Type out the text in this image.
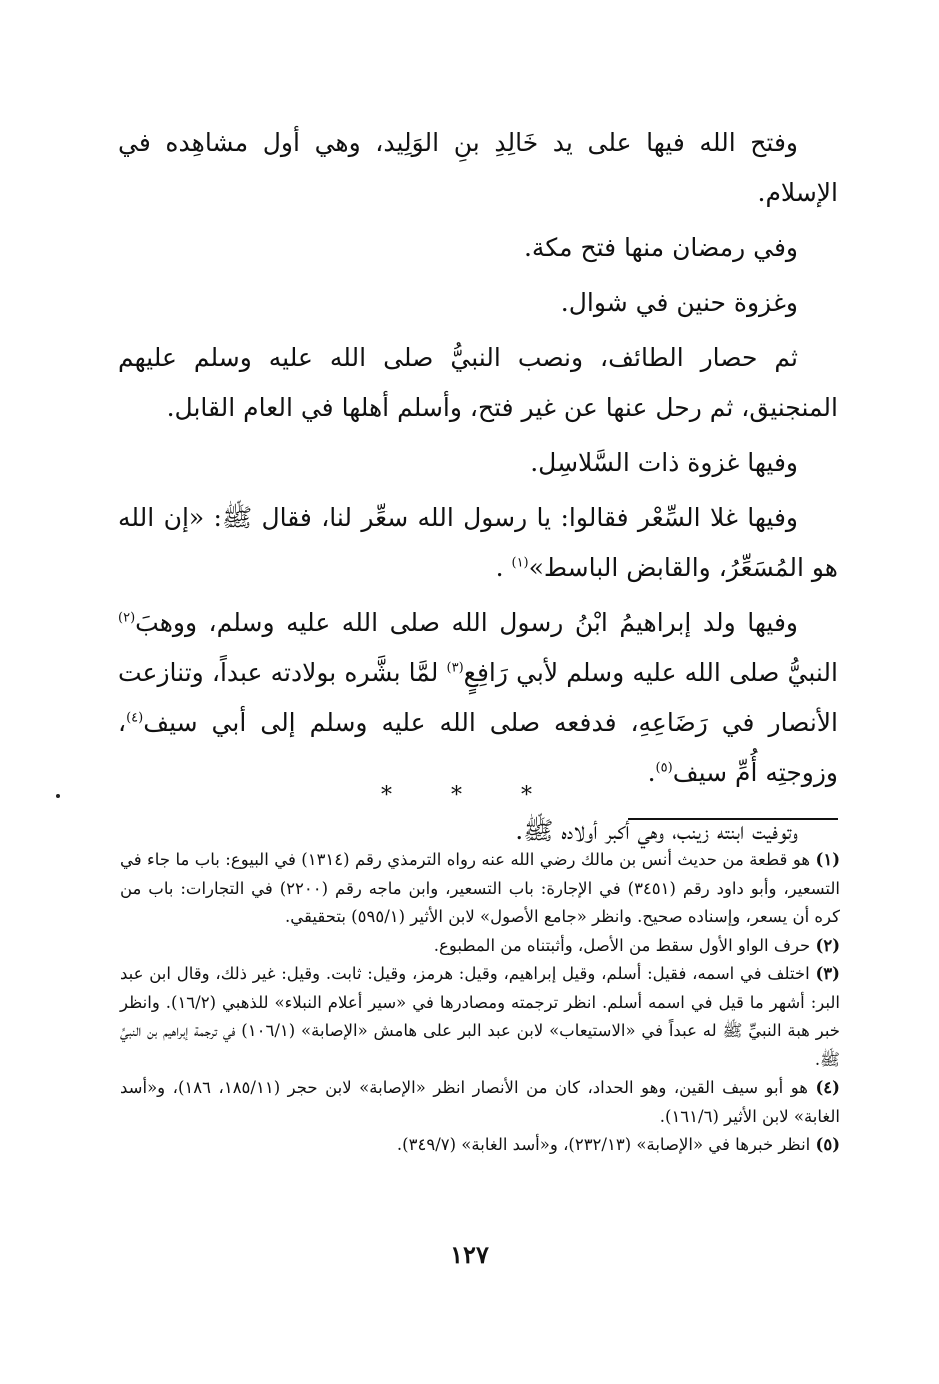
وفتح الله فيها على يد خَالِدِ بنِ الوَلِيد، وهي أول مشاهِده في الإسلام.

وفي رمضان منها فتح مكة.

وغزوة حنين في شوال.

ثم حصار الطائف، ونصب النبيُّ صلى الله عليه وسلم عليهم المنجنيق، ثم رحل عنها عن غير فتح، وأسلم أهلها في العام القابل.

وفيها غزوة ذات السَّلاسِل.

وفيها غلا السِّعْر فقالوا: يا رسول الله سعِّر لنا، فقال ﷺ: «إن الله هو المُسَعِّرُ، والقابض الباسط»$^{(١)}$ .

وفيها ولد إبراهيمُ ابْنُ رسول الله صلى الله عليه وسلم، ووهبَ$^{(٢)}$ النبيُّ صلى الله عليه وسلم لأبي رَافِعٍ$^{(٣)}$ لمَّا بشَّره بولادته عبداً، وتنازعت الأنصار في رَضَاعِهِ، فدفعه صلى الله عليه وسلم إلى أبي سيف$^{(٤)}$، وزوجتِه أُمِّ سيف$^{(٥)}$.

وتوفيت ابنته زينب، وهي أكبر أولاده ﷺ.

* * *

(١) هو قطعة من حديث أنس بن مالك رضي الله عنه رواه الترمذي رقم (١٣١٤) في البيوع: باب ما جاء في التسعير، وأبو داود رقم (٣٤٥١) في الإجارة: باب التسعير، وابن ماجه رقم (٢٢٠٠) في التجارات: باب من كره أن يسعر، وإسناده صحيح. وانظر «جامع الأصول» لابن الأثير (٥٩٥/١) بتحقيقي.

(٢) حرف الواو الأول سقط من الأصل، وأثبتناه من المطبوع.

(٣) اختلف في اسمه، فقيل: أسلم، وقيل إبراهيم، وقيل: هرمز، وقيل: ثابت. وقيل: غير ذلك، وقال ابن عبد البر: أشهر ما قيل في اسمه أسلم. انظر ترجمته ومصادرها في «سير أعلام النبلاء» للذهبي (١٦/٢). وانظر خبر هبة النبيِّ ﷺ له عبداً في «الاستيعاب» لابن عبد البر على هامش «الإصابة» (١٠٦/١) في ترجمة إبراهيم بن النبيِّ ﷺ.

(٤) هو أبو سيف القين، وهو الحداد، كان من الأنصار انظر «الإصابة» لابن حجر (١٨٥/١١، ١٨٦)، و«أسد الغابة» لابن الأثير (١٦١/٦).

(٥) انظر خبرها في «الإصابة» (٢٣٢/١٣)، و«أسد الغابة» (٣٤٩/٧).

١٢٧
